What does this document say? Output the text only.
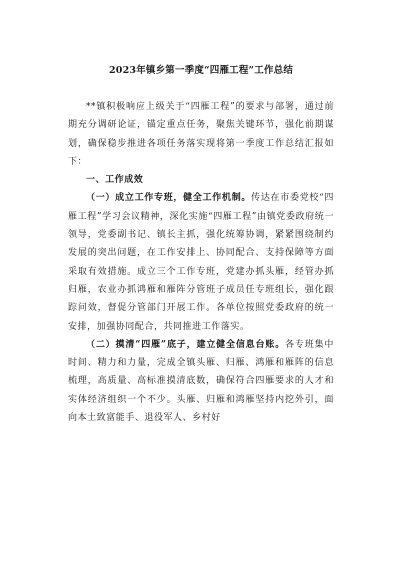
2023年镇乡第一季度“四雁工程”工作总结

**镇积极响应上级关于“四雁工程”的要求与部署，通过前期充分调研论证，锚定重点任务，聚焦关键环节，强化前期谋划，确保稳步推进各项任务落实现将第一季度工作总结汇报如下：

一、工作成效

（一）成立工作专班，健全工作机制。传达在市委党校“四雁工程”学习会议精神，深化实施“四雁工程”由镇党委政府统一领导，党委副书记、镇长主抓，强化统筹协调，紧紧围绕制约发展的突出问题，在工作安排上、协同配合、支持保障等方面采取有效措施。成立三个工作专班，党建办抓头雁，经管办抓归雁，农业办抓鸿雁和雁阵分管班子成员任专班组长，强化跟踪问效，督促分管部门开展工作。各单位按照党委政府的统一安排，加强协同配合，共同推进工作落实。

（二）摸清“四雁”底子，建立健全信息台账。各专班集中时间、精力和力量，完成全镇头雁、归雁、鸿雁和雁阵的信息梳理，高质量、高标准摸清底数，确保符合四雁要求的人才和实体经济组织一个不少。头雁、归雁和鸿雁坚持内挖外引，面向本土致富能手、退役军人、乡村好
